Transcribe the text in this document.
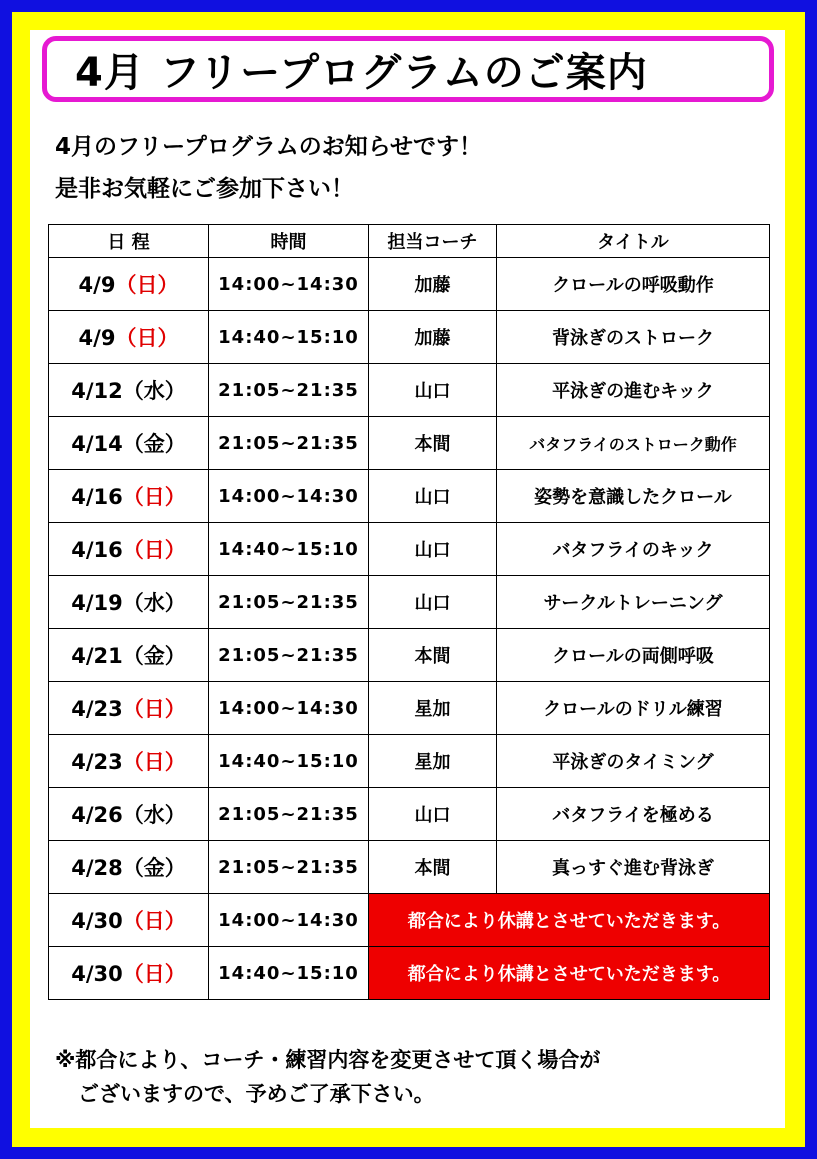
4月 フリープログラムのご案内
4月のフリープログラムのお知らせです！
是非お気軽にご参加下さい！
日 程	時間	担当コーチ	タイトル
4/9（日）	14:00~14:30	加藤	クロールの呼吸動作
4/9（日）	14:40~15:10	加藤	背泳ぎのストローク
4/12（水）	21:05~21:35	山口	平泳ぎの進むキック
4/14（金）	21:05~21:35	本間	バタフライのストローク動作
4/16（日）	14:00~14:30	山口	姿勢を意識したクロール
4/16（日）	14:40~15:10	山口	バタフライのキック
4/19（水）	21:05~21:35	山口	サークルトレーニング
4/21（金）	21:05~21:35	本間	クロールの両側呼吸
4/23（日）	14:00~14:30	星加	クロールのドリル練習
4/23（日）	14:40~15:10	星加	平泳ぎのタイミング
4/26（水）	21:05~21:35	山口	バタフライを極める
4/28（金）	21:05~21:35	本間	真っすぐ進む背泳ぎ
4/30（日）	14:00~14:30	都合により休講とさせていただきます。	
4/30（日）	14:40~15:10	都合により休講とさせていただきます。	
※都合により、コーチ・練習内容を変更させて頂く場合が
ございますので、予めご了承下さい。
